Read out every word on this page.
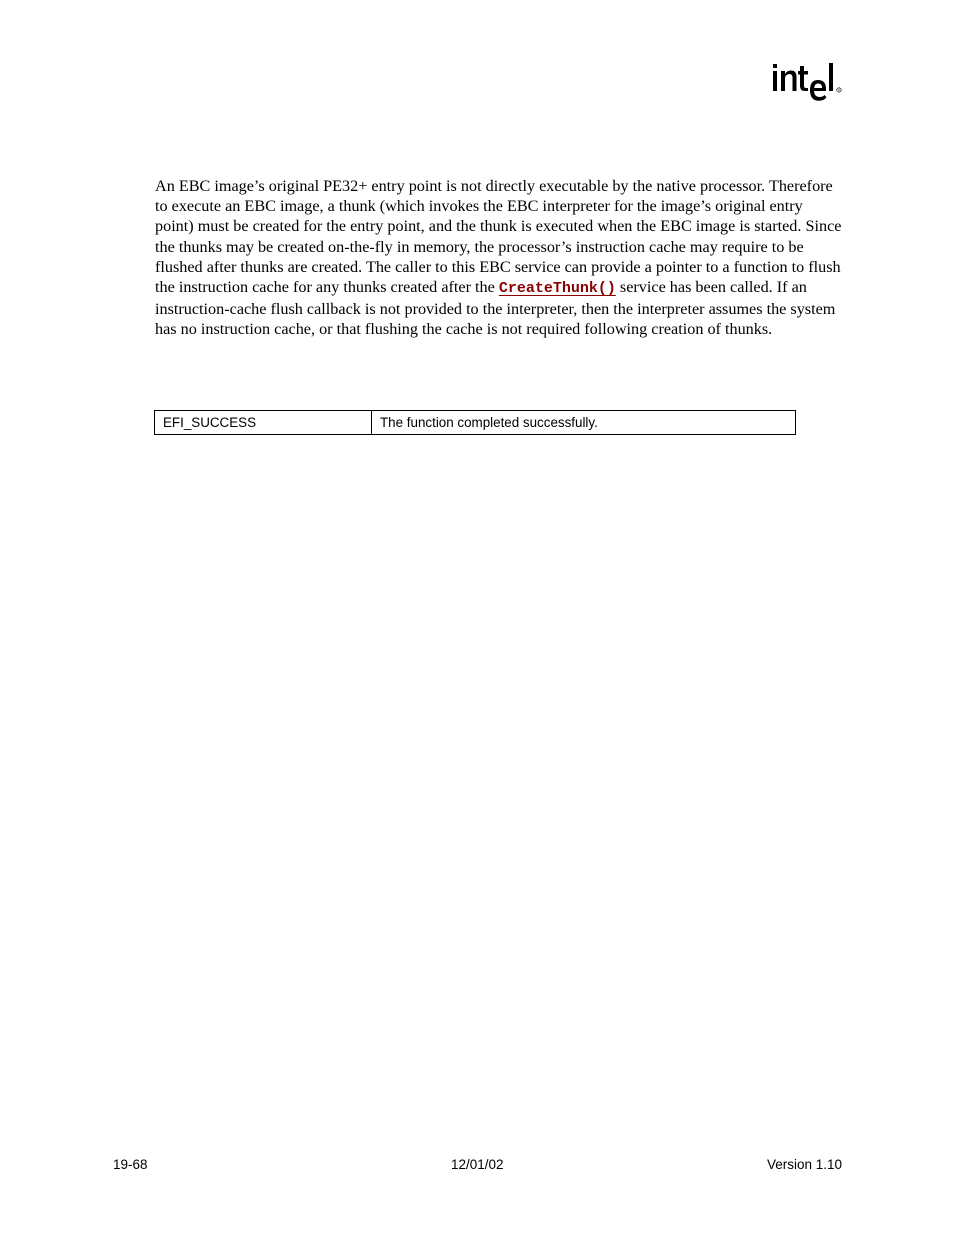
®

An EBC image’s original PE32+ entry point is not directly executable by the native processor. Therefore to execute an EBC image, a thunk (which invokes the EBC interpreter for the image’s original entry point) must be created for the entry point, and the thunk is executed when the EBC image is started. Since the thunks may be created on-the-fly in memory, the processor’s instruction cache may require to be flushed after thunks are created. The caller to this EBC service can provide a pointer to a function to flush the instruction cache for any thunks created after the CreateThunk() service has been called. If an instruction-cache flush callback is not provided to the interpreter, then the interpreter assumes the system has no instruction cache, or that flushing the cache is not required following creation of thunks.

EFI_SUCCESS	The function completed successfully.
19-68	12/01/02	Version 1.10
